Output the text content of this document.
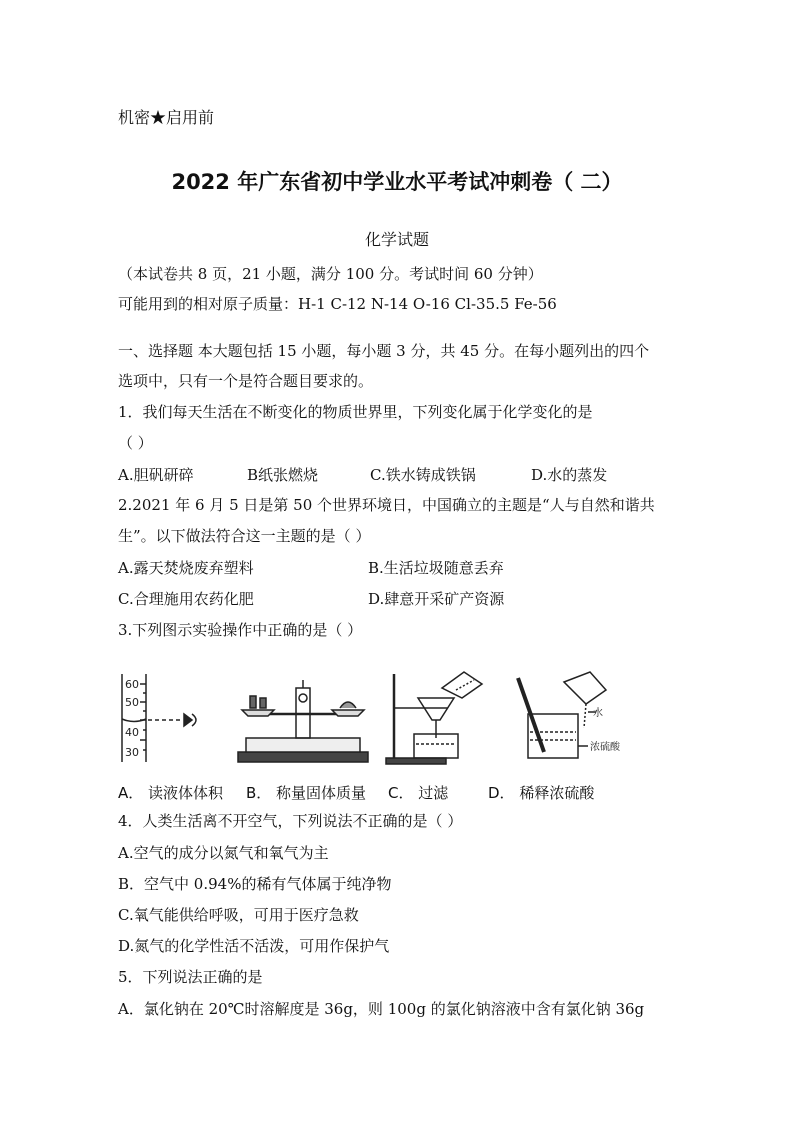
机密★启用前
2022 年广东省初中学业水平考试冲刺卷（ 二）
化学试题
（本试卷共 8 页，21 小题，满分 100 分。考试时间 60 分钟）
可能用到的相对原子质量：H-1 C-12 N-14 O-16 Cl-35.5 Fe-56
一、选择题 本大题包括 15 小题，每小题 3 分，共 45 分。在每小题列出的四个
选项中，只有一个是符合题目要求的。
1．我们每天生活在不断变化的物质世界里，下列变化属于化学变化的是
（ ）
A.胆矾研碎	B纸张燃烧	C.铁水铸成铁锅	D.水的蒸发
2.2021 年 6 月 5 日是第 50 个世界环境日，中国确立的主题是“人与自然和谐共
生”。以下做法符合这一主题的是（ ）
A.露天焚烧废弃塑料	B.生活垃圾随意丢弃
C.合理施用农药化肥	D.肆意开采矿产资源
3.下列图示实验操作中正确的是（ ）
60
50
40
30
水
浓硫酸
A． 读液体体积 B． 称量固体质量 C． 过滤	D． 稀释浓硫酸
4．人类生活离不开空气，下列说法不正确的是（ ）
A.空气的成分以氮气和氧气为主
B．空气中 0.94%的稀有气体属于纯净物
C.氧气能供给呼吸，可用于医疗急救
D.氮气的化学性活不活泼，可用作保护气
5．下列说法正确的是
A．氯化钠在 20℃时溶解度是 36g，则 100g 的氯化钠溶液中含有氯化钠 36g
